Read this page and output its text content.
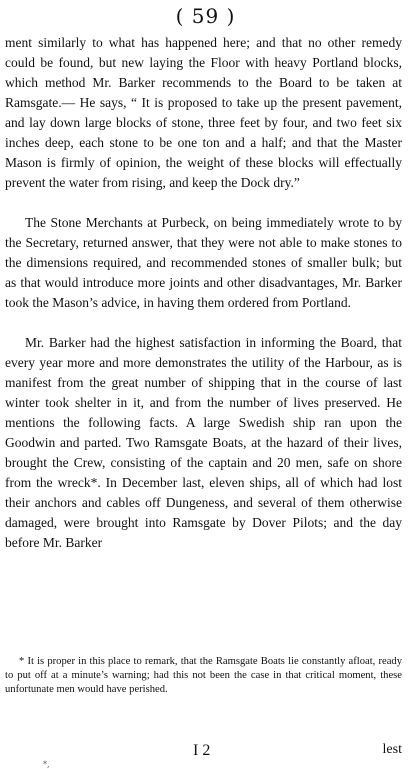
( 59 )

ment similarly to what has happened here; and that no other remedy could be found, but new laying the Floor with heavy Portland blocks, which method Mr. Barker recommends to the Board to be taken at Ramsgate.— He says, “ It is proposed to take up the present pavement, and lay down large blocks of stone, three feet by four, and two feet six inches deep, each stone to be one ton and a half; and that the Master Mason is firmly of opinion, the weight of these blocks will effectually prevent the water from rising, and keep the Dock dry.”

The Stone Merchants at Purbeck, on being immediately wrote to by the Secretary, returned answer, that they were not able to make stones to the dimensions required, and recommended stones of smaller bulk; but as that would introduce more joints and other disadvantages, Mr. Barker took the Mason’s advice, in having them ordered from Portland.

Mr. Barker had the highest satisfaction in informing the Board, that every year more and more demonstrates the utility of the Harbour, as is manifest from the great number of shipping that in the course of last winter took shelter in it, and from the number of lives preserved. He mentions the following facts. A large Swedish ship ran upon the Goodwin and parted. Two Ramsgate Boats, at the hazard of their lives, brought the Crew, consisting of the captain and 20 men, safe on shore from the wreck*. In December last, eleven ships, all of which had lost their anchors and cables off Dungeness, and several of them otherwise damaged, were brought into Ramsgate by Dover Pilots; and the day before Mr. Barker

* It is proper in this place to remark, that the Ramsgate Boats lie constantly afloat, ready to put off at a minute’s warning; had this not been the case in that critical moment, these unfortunate men would have perished.
I 2	lest
*,
